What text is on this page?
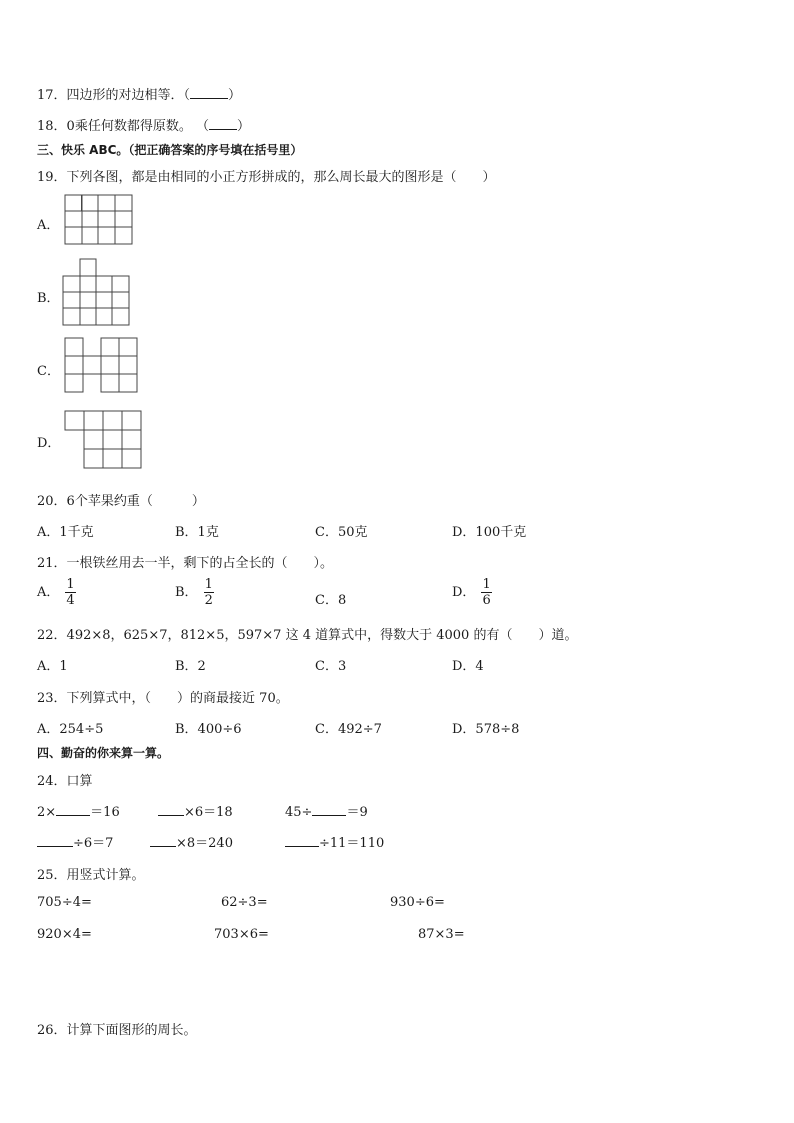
17．四边形的对边相等．（	）
18．0乘任何数都得原数。 （ ）
三、快乐 ABC。（把正确答案的序号填在括号里）
19．下列各图，都是由相同的小正方形拼成的，那么周长最大的图形是（　　）
A．
B．
C．
D．
20．6个苹果约重（　　　）
A．1千克	B．1克	C．50克	D．100千克
21．一根铁丝用去一半，剩下的占全长的（　　）。
A． $\frac{1}{4}$	B． $\frac{1}{2}$	C．8
D． $\frac{1}{6}$
22．492×8，625×7，812×5，597×7 这 4 道算式中，得数大于 4000 的有（　　）道。
A．1	B．2	C．3	D．4
23．下列算式中，（　　）的商最接近 70。
A．254÷5	B．400÷6	C．492÷7	D．578÷8
四、勤奋的你来算一算。
24．口算
2×	＝16	×6＝18	45÷	＝9
÷6＝7	×8＝240	÷11＝110
25．用竖式计算。
705÷4=	62÷3=	930÷6=
920×4=	703×6=	87×3=
26．计算下面图形的周长。
